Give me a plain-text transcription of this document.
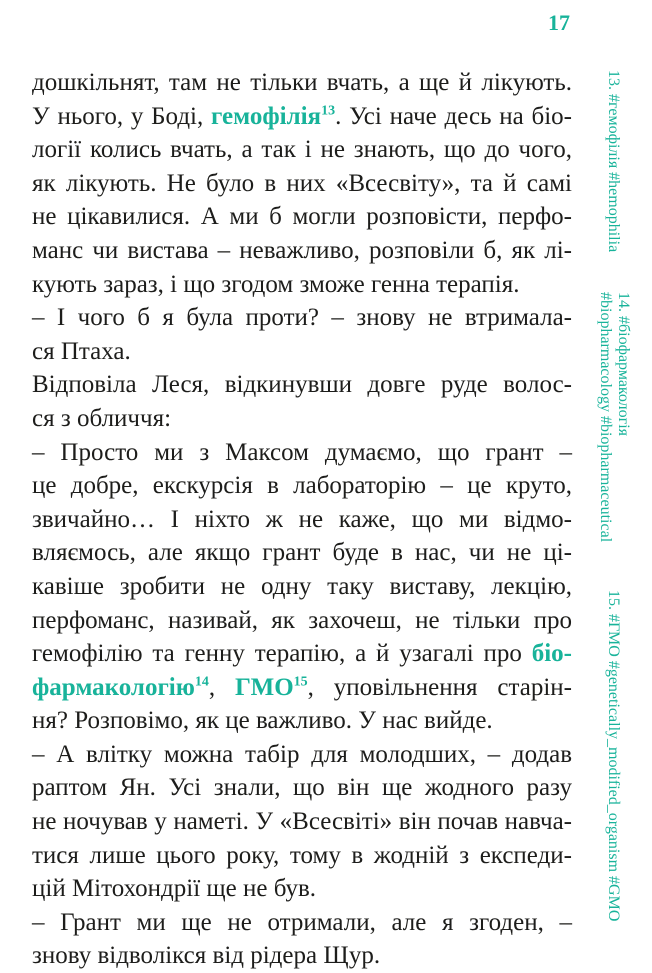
17
дошкільнят, там не тільки вчать, а ще й лікують.
У нього, у Боді, гемофілія$^{13}$. Усі наче десь на біо-
логії колись вчать, а так і не знають, що до чого,
як лікують. Не було в них «Всесвіту», та й самі
не цікавилися. А ми б могли розповісти, перфо-
манс чи вистава – неважливо, розповіли б, як лі-
кують зараз, і що згодом зможе генна терапія.
– І чого б я була проти? – знову не втримала-
ся Птаха.
Відповіла Леся, відкинувши довге руде волос-
ся з обличчя:
– Просто ми з Максом думаємо, що грант –
це добре, екскурсія в лабораторію – це круто,
звичайно… І ніхто ж не каже, що ми відмо-
вляємось, але якщо грант буде в нас, чи не ці-
кавіше зробити не одну таку виставу, лекцію,
перфоманс, називай, як захочеш, не тільки про
гемофілію та генну терапію, а й узагалі про біо-
фармакологію$^{14}$, ГМО$^{15}$, уповільнення старін-
ня? Розповімо, як це важливо. У нас вийде.
– А влітку можна табір для молодших, – додав
раптом Ян. Усі знали, що він ще жодного разу
не ночував у наметі. У «Всесвіті» він почав навча-
тися лише цього року, тому в жодній з експеди-
цій Мітохондрії ще не був.
– Грант ми ще не отримали, але я згоден, –
знову відволікся від рідера Щур.
13. #гемофілія #hemophilia
14. #біофармакологія
#biopharmacology #biopharmaceutical
15. #ГМО #genetically_modified_organism #GMO
